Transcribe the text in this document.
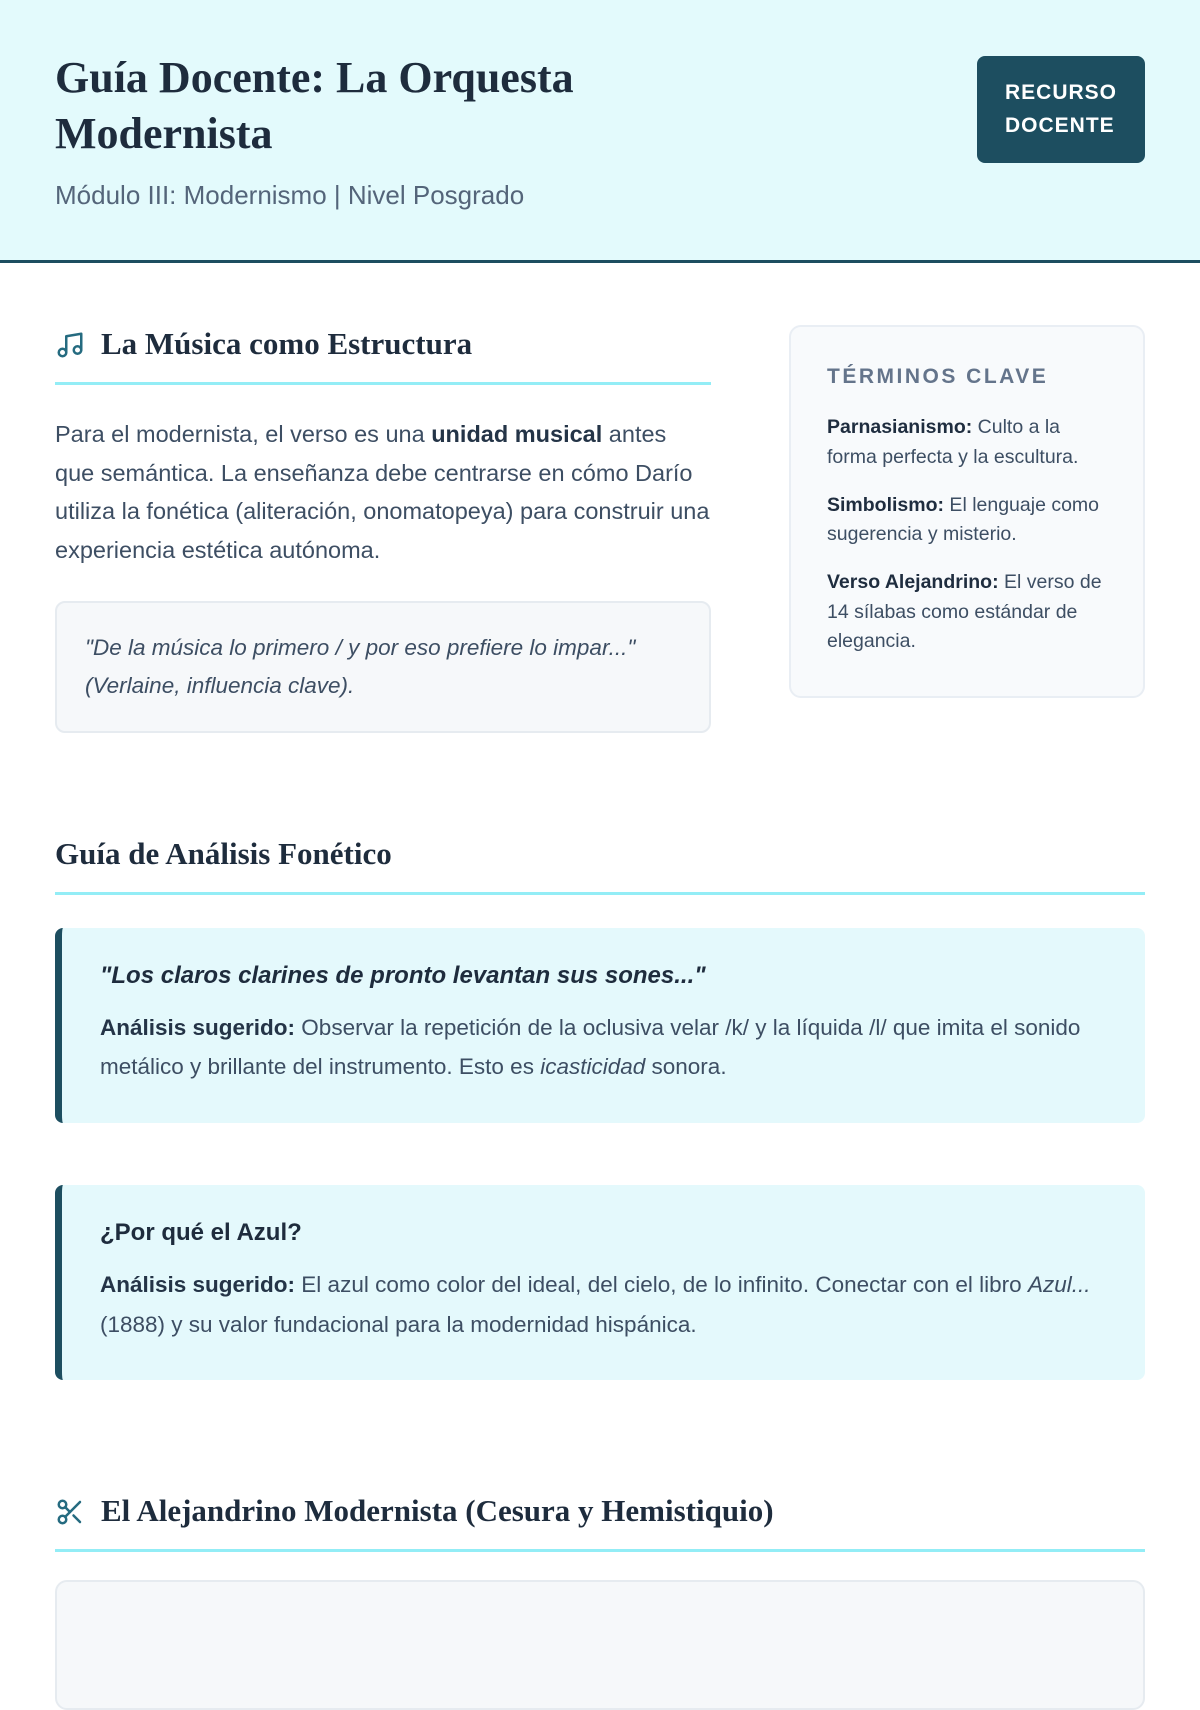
Guía Docente: La Orquesta Modernista
Módulo III: Modernismo | Nivel Posgrado
RECURSO DOCENTE
La Música como Estructura

Para el modernista, el verso es una unidad musical antes que semántica. La enseñanza debe centrarse en cómo Darío utiliza la fonética (aliteración, onomatopeya) para construir una experiencia estética autónoma.

"De la música lo primero / y por eso prefiere lo impar..." (Verlaine, influencia clave).
TÉRMINOS CLAVE

Parnasianismo: Culto a la forma perfecta y la escultura.

Simbolismo: El lenguaje como sugerencia y misterio.

Verso Alejandrino: El verso de 14 sílabas como estándar de elegancia.

Guía de Análisis Fonético

"Los claros clarines de pronto levantan sus sones..."

Análisis sugerido: Observar la repetición de la oclusiva velar /k/ y la líquida /l/ que imita el sonido metálico y brillante del instrumento. Esto es icasticidad sonora.

¿Por qué el Azul?

Análisis sugerido: El azul como color del ideal, del cielo, de lo infinito. Conectar con el libro Azul... (1888) y su valor fundacional para la modernidad hispánica.

El Alejandrino Modernista (Cesura y Hemistiquio)
